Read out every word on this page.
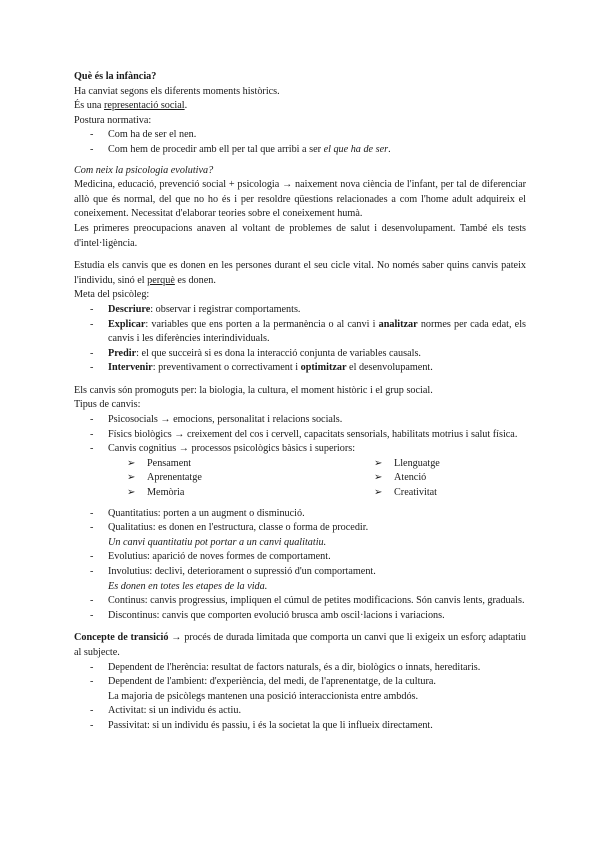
Què és la infància?

Ha canviat segons els diferents moments històrics.

És una representació social.

Postura normativa:

- Com ha de ser el nen.
- Com hem de procedir amb ell per tal que arribi a ser el que ha de ser.

Com neix la psicologia evolutiva?

Medicina, educació, prevenció social + psicologia → naixement nova ciència de l'infant, per tal de diferenciar allò que és normal, del que no ho és i per resoldre qüestions relacionades a com l'home adult adquireix el coneixement. Necessitat d'elaborar teories sobre el coneixement humà.

Les primeres preocupacions anaven al voltant de problemes de salut i desenvolupament. També els tests d'intel·ligència.

Estudia els canvis que es donen en les persones durant el seu cicle vital. No només saber quins canvis pateix l'individu, sinó el perquè es donen.

Meta del psicòleg:

- Descriure: observar i registrar comportaments.
- Explicar: variables que ens porten a la permanència o al canvi i analitzar normes per cada edat, els canvis i les diferències interindividuals.
- Predir: el que succeirà si es dona la interacció conjunta de variables causals.
- Intervenir: preventivament o correctivament i optimitzar el desenvolupament.

Els canvis són promoguts per: la biologia, la cultura, el moment històric i el grup social.

Tipus de canvis:

- Psicosocials → emocions, personalitat i relacions socials.
- Físics biològics → creixement del cos i cervell, capacitats sensorials, habilitats motrius i salut física.
- Canvis cognitius → processos psicològics bàsics i superiors:
➢ Pensament	➢ Llenguatge
➢ Aprenentatge	➢ Atenció
➢ Memòria	➢ Creativitat
- Quantitatius: porten a un augment o disminució.
- Qualitatius: es donen en l'estructura, classe o forma de procedir.
Un canvi quantitatiu pot portar a un canvi qualitatiu.
- Evolutius: aparició de noves formes de comportament.
- Involutius: declivi, deteriorament o supressió d'un comportament.
Es donen en totes les etapes de la vida.
- Continus: canvis progressius, impliquen el cúmul de petites modificacions. Són canvis lents, graduals.
- Discontinus: canvis que comporten evolució brusca amb oscil·lacions i variacions.

Concepte de transició → procés de durada limitada que comporta un canvi que li exigeix un esforç adaptatiu al subjecte.

- Dependent de l'herència: resultat de factors naturals, és a dir, biològics o innats, hereditaris.
- Dependent de l'ambient: d'experiència, del medi, de l'aprenentatge, de la cultura.
La majoria de psicòlegs mantenen una posició interaccionista entre ambdós.
- Activitat: si un individu és actiu.
- Passivitat: si un individu és passiu, i és la societat la que li influeix directament.
